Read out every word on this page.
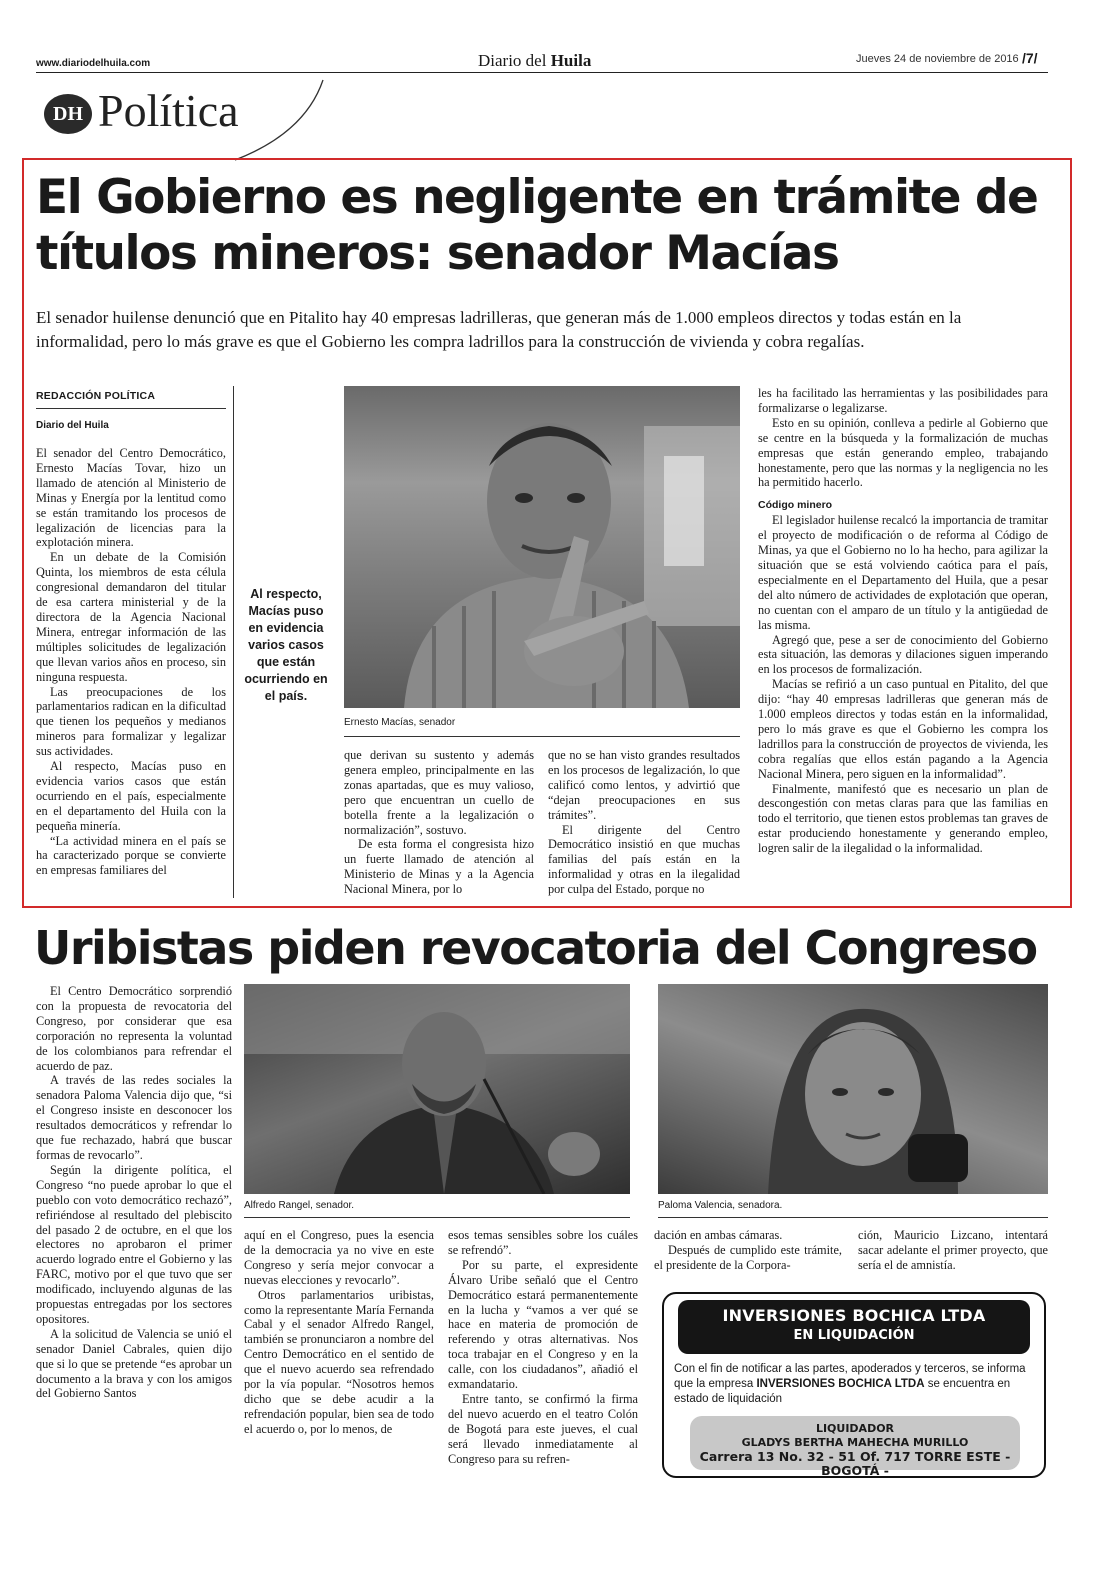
www.diariodelhuila.com	Diario del Huila	Jueves 24 de noviembre de 2016 /7/
DH Política
El Gobierno es negligente en trámite de títulos mineros: senador Macías

El senador huilense denunció que en Pitalito hay 40 empresas ladrilleras, que generan más de 1.000 empleos directos y todas están en la informalidad, pero lo más grave es que el Gobierno les compra ladrillos para la construcción de vivienda y cobra regalías.

REDACCIÓN POLÍTICA
Diario del Huila

El senador del Centro Democrático, Ernesto Macías Tovar, hizo un llamado de atención al Ministerio de Minas y Energía por la lentitud como se están tramitando los procesos de legalización de licencias para la explotación minera.

En un debate de la Comisión Quinta, los miembros de esta célula congresional demandaron del titular de esa cartera ministerial y de la directora de la Agencia Nacional Minera, entregar información de las múltiples solicitudes de legalización que llevan varios años en proceso, sin ninguna respuesta.

Las preocupaciones de los parlamentarios radican en la dificultad que tienen los pequeños y medianos mineros para formalizar y legalizar sus actividades.

Al respecto, Macías puso en evidencia varios casos que están ocurriendo en el país, especialmente en el departamento del Huila con la pequeña minería.

“La actividad minera en el país se ha caracterizado porque se convierte en empresas familiares del

Al respecto, Macías puso en evidencia varios casos que están ocurriendo en el país.
Ernesto Macías, senador

que derivan su sustento y además genera empleo, principalmente en las zonas apartadas, que es muy valioso, pero que encuentran un cuello de botella frente a la legalización o normalización”, sostuvo.

De esta forma el congresista hizo un fuerte llamado de atención al Ministerio de Minas y a la Agencia Nacional Minera, por lo

que no se han visto grandes resultados en los procesos de legalización, lo que calificó como lentos, y advirtió que “dejan preocupaciones en sus trámites”.

El dirigente del Centro Democrático insistió en que muchas familias del país están en la informalidad y otras en la ilegalidad por culpa del Estado, porque no

les ha facilitado las herramientas y las posibilidades para formalizarse o legalizarse.

Esto en su opinión, conlleva a pedirle al Gobierno que se centre en la búsqueda y la formalización de muchas empresas que están generando empleo, trabajando honestamente, pero que las normas y la negligencia no les ha permitido hacerlo.

Código minero

El legislador huilense recalcó la importancia de tramitar el proyecto de modificación o de reforma al Código de Minas, ya que el Gobierno no lo ha hecho, para agilizar la situación que se está volviendo caótica para el país, especialmente en el Departamento del Huila, que a pesar del alto número de actividades de explotación que operan, no cuentan con el amparo de un título y la antigüedad de las misma.

Agregó que, pese a ser de conocimiento del Gobierno esta situación, las demoras y dilaciones siguen imperando en los procesos de formalización.

Macías se refirió a un caso puntual en Pitalito, del que dijo: “hay 40 empresas ladrilleras que generan más de 1.000 empleos directos y todas están en la informalidad, pero lo más grave es que el Gobierno les compra los ladrillos para la construcción de proyectos de vivienda, les cobra regalías que ellos están pagando a la Agencia Nacional Minera, pero siguen en la informalidad”.

Finalmente, manifestó que es necesario un plan de descongestión con metas claras para que las familias en todo el territorio, que tienen estos problemas tan graves de estar produciendo honestamente y generando empleo, logren salir de la ilegalidad o la informalidad.

Uribistas piden revocatoria del Congreso

El Centro Democrático sorprendió con la propuesta de revocatoria del Congreso, por considerar que esa corporación no representa la voluntad de los colombianos para refrendar el acuerdo de paz.

A través de las redes sociales la senadora Paloma Valencia dijo que, “si el Congreso insiste en desconocer los resultados democráticos y refrendar lo que fue rechazado, habrá que buscar formas de revocarlo”.

Según la dirigente política, el Congreso “no puede aprobar lo que el pueblo con voto democrático rechazó”, refiriéndose al resultado del plebiscito del pasado 2 de octubre, en el que los electores no aprobaron el primer acuerdo logrado entre el Gobierno y las FARC, motivo por el que tuvo que ser modificado, incluyendo algunas de las propuestas entregadas por los sectores opositores.

A la solicitud de Valencia se unió el senador Daniel Cabrales, quien dijo que si lo que se pretende “es aprobar un documento a la brava y con los amigos del Gobierno Santos

Alfredo Rangel, senador.	Paloma Valencia, senadora.

aquí en el Congreso, pues la esencia de la democracia ya no vive en este Congreso y sería mejor convocar a nuevas elecciones y revocarlo”.

Otros parlamentarios uribistas, como la representante María Fernanda Cabal y el senador Alfredo Rangel, también se pronunciaron a nombre del Centro Democrático en el sentido de que el nuevo acuerdo sea refrendado por la vía popular. “Nosotros hemos dicho que se debe acudir a la refrendación popular, bien sea de todo el acuerdo o, por lo menos, de

esos temas sensibles sobre los cuáles se refrendó”.

Por su parte, el expresidente Álvaro Uribe señaló que el Centro Democrático estará permanentemente en la lucha y “vamos a ver qué se hace en materia de promoción de referendo y otras alternativas. Nos toca trabajar en el Congreso y en la calle, con los ciudadanos”, añadió el exmandatario.

Entre tanto, se confirmó la firma del nuevo acuerdo en el teatro Colón de Bogotá para este jueves, el cual será llevado inmediatamente al Congreso para su refren-

dación en ambas cámaras.

Después de cumplido este trámite, el presidente de la Corpora-

ción, Mauricio Lizcano, intentará sacar adelante el primer proyecto, que sería el de amnistía.

INVERSIONES BOCHICA LTDA
EN LIQUIDACIÓN
Con el fin de notificar a las partes, apoderados y terceros, se informa que la empresa INVERSIONES BOCHICA LTDA se encuentra en estado de liquidación
LIQUIDADOR
GLADYS BERTHA MAHECHA MURILLO
Carrera 13 No. 32 - 51 Of. 717 TORRE ESTE - BOGOTÁ -
